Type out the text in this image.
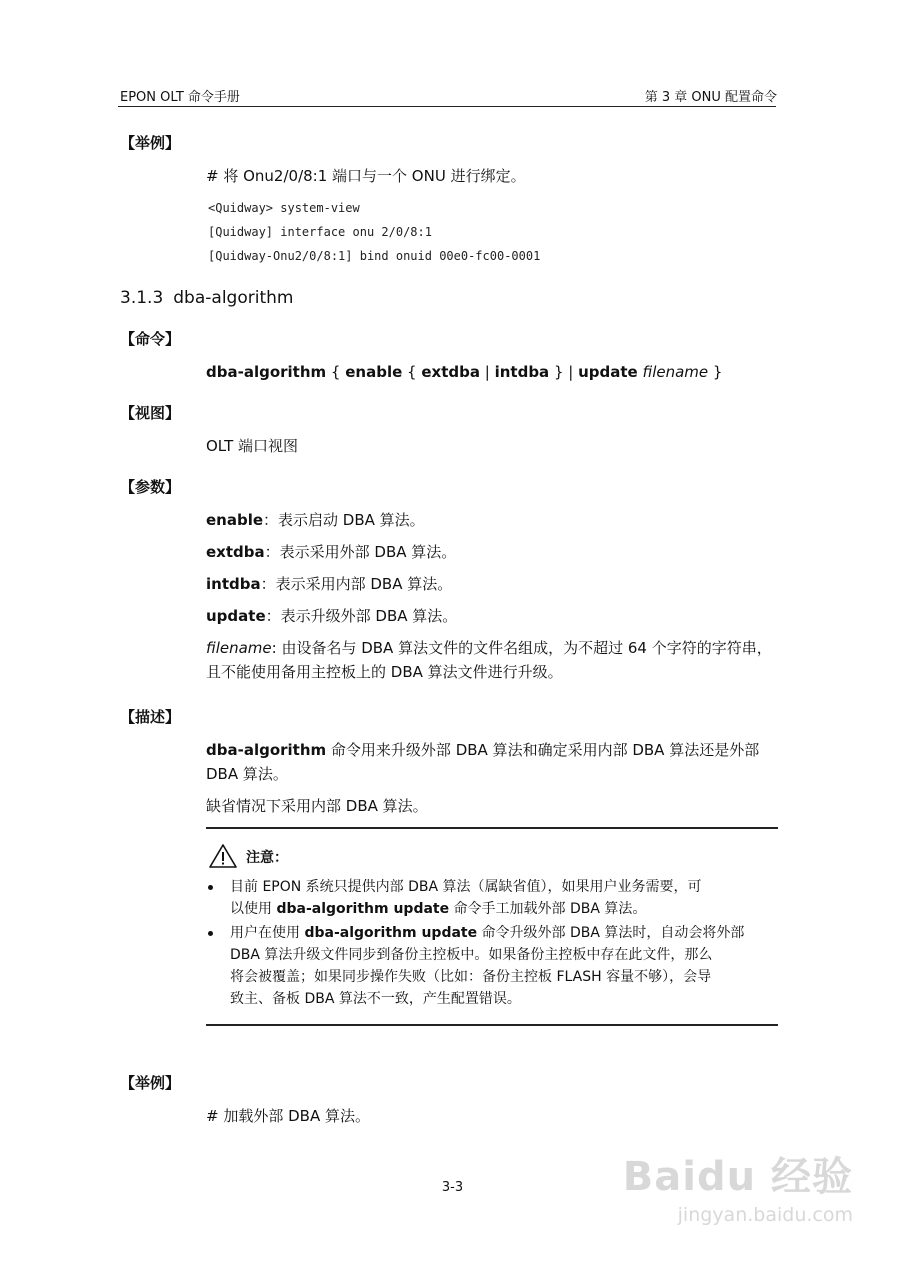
EPON OLT 命令手册	第 3 章 ONU 配置命令
【举例】
# 将 Onu2/0/8:1 端口与一个 ONU 进行绑定。
<Quidway> system-view
[Quidway] interface onu 2/0/8:1
[Quidway-Onu2/0/8:1] bind onuid 00e0-fc00-0001
3.1.3 dba-algorithm
【命令】
dba-algorithm { enable { extdba | intdba } | update filename }
【视图】
OLT 端口视图
【参数】
enable：表示启动 DBA 算法。
extdba：表示采用外部 DBA 算法。
intdba：表示采用内部 DBA 算法。
update：表示升级外部 DBA 算法。
filename: 由设备名与 DBA 算法文件的文件名组成，为不超过 64 个字符的字符串，
且不能使用备用主控板上的 DBA 算法文件进行升级。
【描述】
dba-algorithm 命令用来升级外部 DBA 算法和确定采用内部 DBA 算法还是外部
DBA 算法。
缺省情况下采用内部 DBA 算法。
注意：
目前 EPON 系统只提供内部 DBA 算法（属缺省值），如果用户业务需要，可
以使用 dba-algorithm update 命令手工加载外部 DBA 算法。
用户在使用 dba-algorithm update 命令升级外部 DBA 算法时，自动会将外部
DBA 算法升级文件同步到备份主控板中。如果备份主控板中存在此文件，那么
将会被覆盖；如果同步操作失败（比如：备份主控板 FLASH 容量不够），会导
致主、备板 DBA 算法不一致，产生配置错误。
【举例】
# 加载外部 DBA 算法。
3-3	Baidu 经验
jingyan.baidu.com
